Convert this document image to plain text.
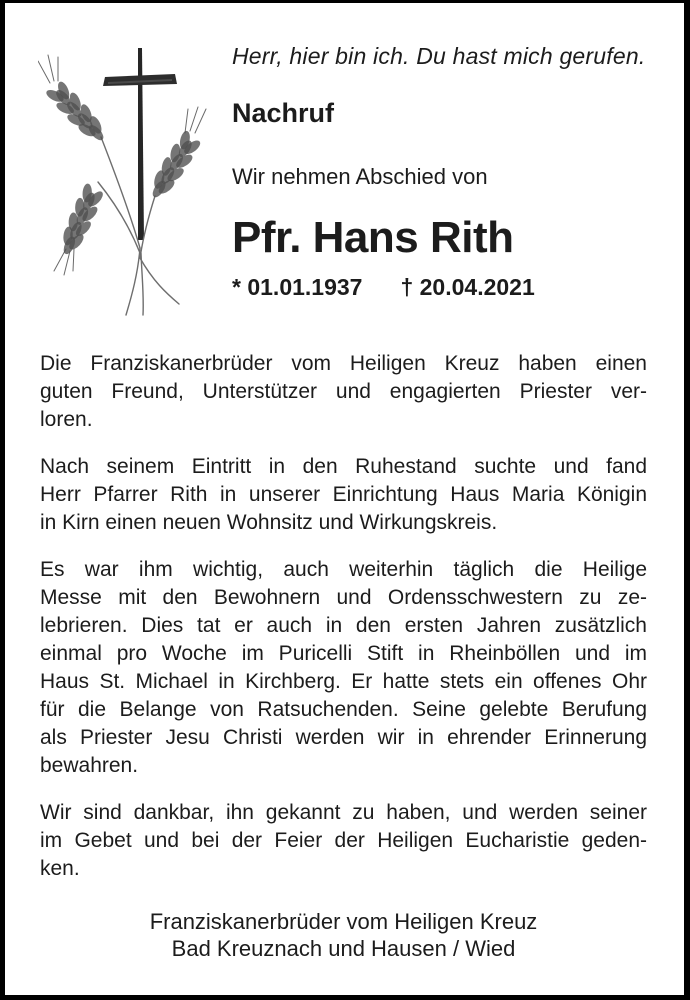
Herr, hier bin ich. Du hast mich gerufen.
Nachruf
Wir nehmen Abschied von
Pfr. Hans Rith
* 01.01.1937 † 20.04.2021
Die Franziskanerbrüder vom Heiligen Kreuz haben einen
guten Freund, Unterstützer und engagierten Priester ver-
loren.
Nach seinem Eintritt in den Ruhestand suchte und fand
Herr Pfarrer Rith in unserer Einrichtung Haus Maria Königin
in Kirn einen neuen Wohnsitz und Wirkungskreis.
Es war ihm wichtig, auch weiterhin täglich die Heilige
Messe mit den Bewohnern und Ordensschwestern zu ze-
lebrieren. Dies tat er auch in den ersten Jahren zusätzlich
einmal pro Woche im Puricelli Stift in Rheinböllen und im
Haus St. Michael in Kirchberg. Er hatte stets ein offenes Ohr
für die Belange von Ratsuchenden. Seine gelebte Berufung
als Priester Jesu Christi werden wir in ehrender Erinnerung
bewahren.
Wir sind dankbar, ihn gekannt zu haben, und werden seiner
im Gebet und bei der Feier der Heiligen Eucharistie geden-
ken.
Franziskanerbrüder vom Heiligen Kreuz
Bad Kreuznach und Hausen / Wied
